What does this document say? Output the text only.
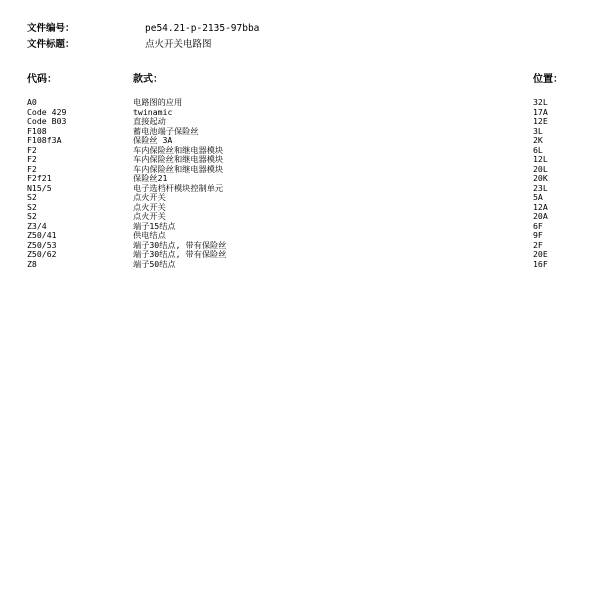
文件编号：	pe54.21-p-2135-97bba
文件标题：	点火开关电路图
代码：	款式：	位置：
A0	电路图的应用	32L
Code 429	twinamic	17A
Code B03	直接起动	12E
F108	蓄电池端子保险丝	3L
F108f3A	保险丝 3A	2K
F2	车内保险丝和继电器模块	6L
F2	车内保险丝和继电器模块	12L
F2	车内保险丝和继电器模块	20L
F2f21	保险丝21	20K
N15/5	电子选档杆模块控制单元	23L
S2	点火开关	5A
S2	点火开关	12A
S2	点火开关	20A
Z3/4	端子15结点	6F
Z50/41	供电结点	9F
Z50/53	端子30结点, 带有保险丝	2F
Z50/62	端子30结点, 带有保险丝	20E
Z8	端子50结点	16F
